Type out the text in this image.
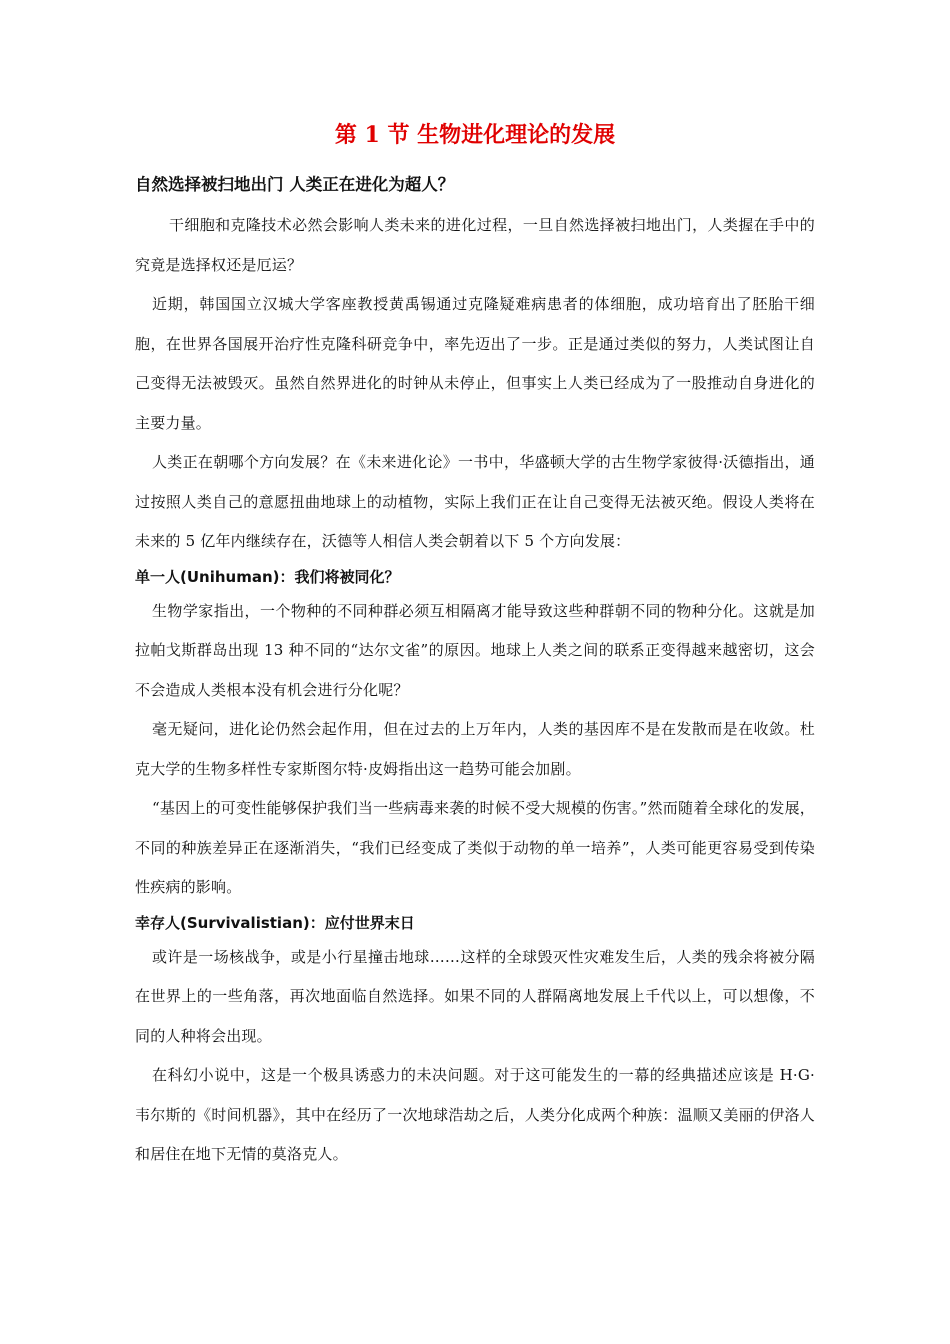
第 1 节 生物进化理论的发展
自然选择被扫地出门 人类正在进化为超人？

干细胞和克隆技术必然会影响人类未来的进化过程，一旦自然选择被扫地出门，人类握在手中的究竟是选择权还是厄运？

近期，韩国国立汉城大学客座教授黄禹锡通过克隆疑难病患者的体细胞，成功培育出了胚胎干细胞，在世界各国展开治疗性克隆科研竞争中，率先迈出了一步。正是通过类似的努力，人类试图让自己变得无法被毁灭。虽然自然界进化的时钟从未停止，但事实上人类已经成为了一股推动自身进化的主要力量。

人类正在朝哪个方向发展？在《未来进化论》一书中，华盛顿大学的古生物学家彼得·沃德指出，通过按照人类自己的意愿扭曲地球上的动植物，实际上我们正在让自己变得无法被灭绝。假设人类将在未来的 5 亿年内继续存在，沃德等人相信人类会朝着以下 5 个方向发展：

单一人(Unihuman)：我们将被同化？

生物学家指出，一个物种的不同种群必须互相隔离才能导致这些种群朝不同的物种分化。这就是加拉帕戈斯群岛出现 13 种不同的“达尔文雀”的原因。地球上人类之间的联系正变得越来越密切，这会不会造成人类根本没有机会进行分化呢？

毫无疑问，进化论仍然会起作用，但在过去的上万年内，人类的基因库不是在发散而是在收敛。杜克大学的生物多样性专家斯图尔特·皮姆指出这一趋势可能会加剧。

“基因上的可变性能够保护我们当一些病毒来袭的时候不受大规模的伤害。”然而随着全球化的发展，不同的种族差异正在逐渐消失，“我们已经变成了类似于动物的单一培养”，人类可能更容易受到传染性疾病的影响。

幸存人(Survivalistian)：应付世界末日

或许是一场核战争，或是小行星撞击地球……这样的全球毁灭性灾难发生后，人类的残余将被分隔在世界上的一些角落，再次地面临自然选择。如果不同的人群隔离地发展上千代以上，可以想像，不同的人种将会出现。

在科幻小说中，这是一个极具诱惑力的未决问题。对于这可能发生的一幕的经典描述应该是 H·G·韦尔斯的《时间机器》，其中在经历了一次地球浩劫之后，人类分化成两个种族：温顺又美丽的伊洛人和居住在地下无情的莫洛克人。
